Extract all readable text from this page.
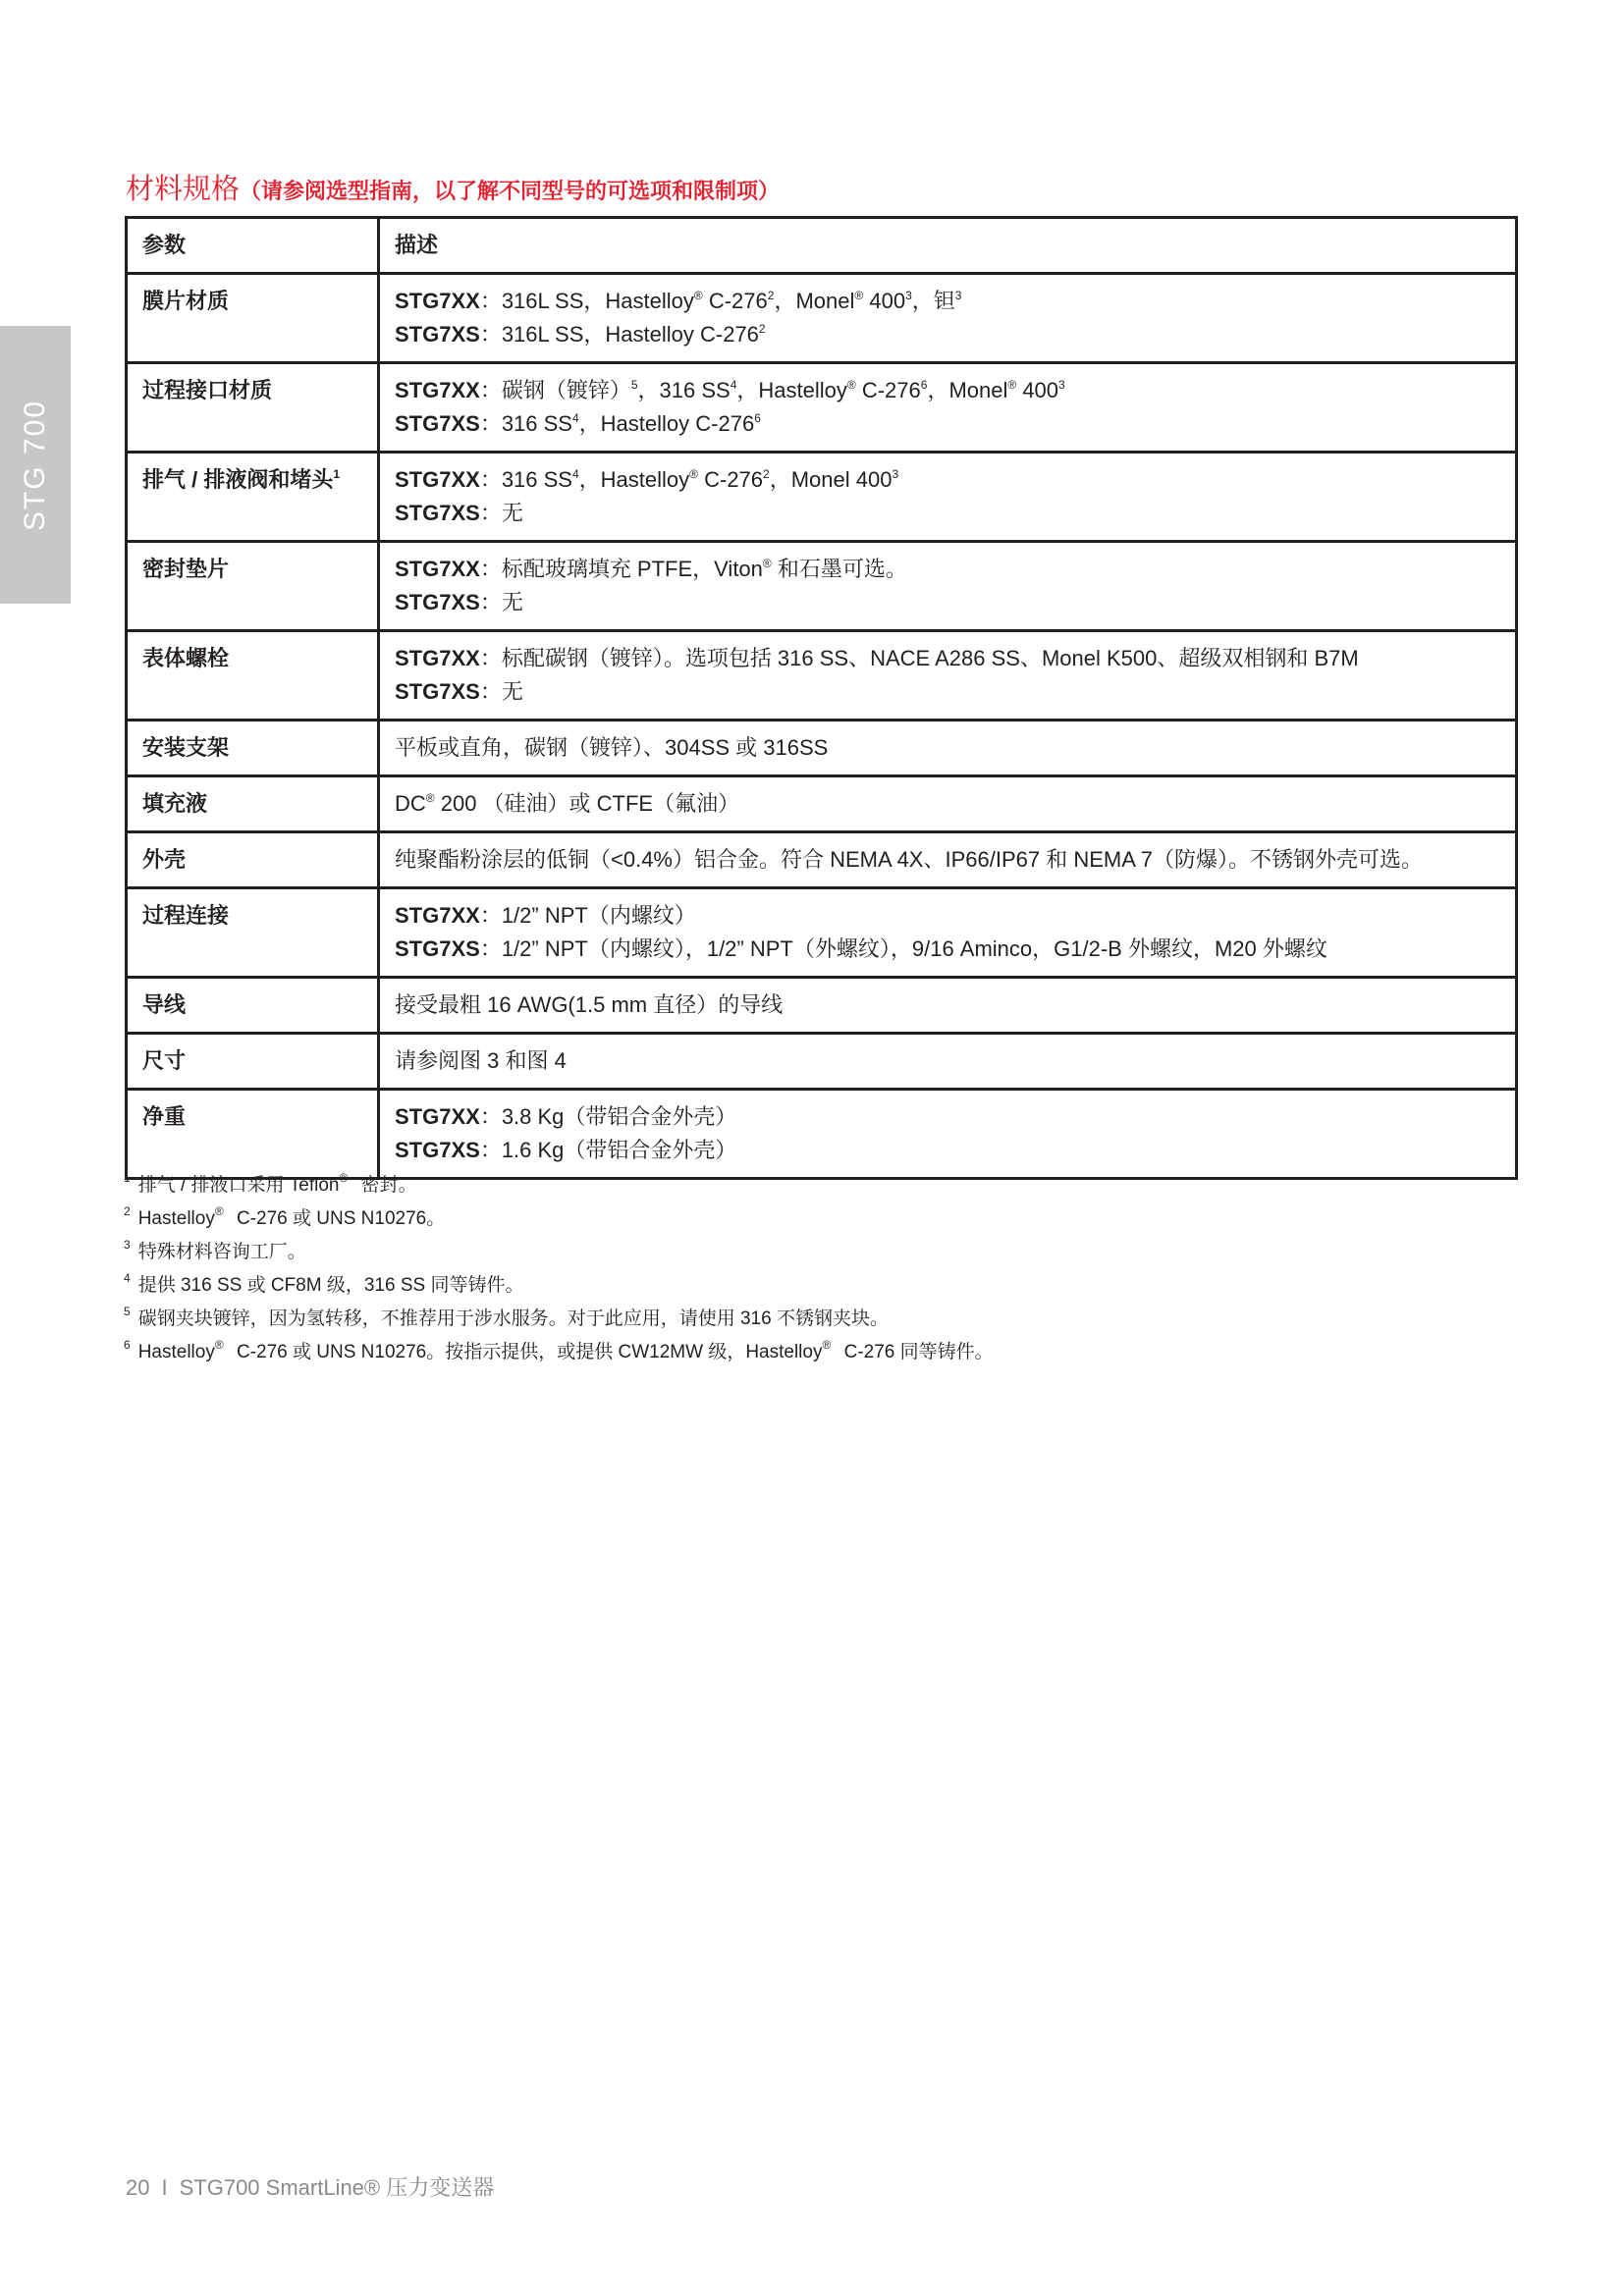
STG 700
材料规格（请参阅选型指南，以了解不同型号的可选项和限制项）
参数	描述
膜片材质	STG7XX：316L SS，Hastelloy® $C-276^2$，Monel® $400^3$，钽$^3$
STG7XS：316L SS，Hastelloy $C-276^2$

过程接口材质	STG7XX：碳钢（镀锌）$^5$，316 $SS^4$，Hastelloy® $C-276^6$，Monel® $400^3$
STG7XS：316 $SS^4$，Hastelloy $C-276^6$

排气 / 排液阀和堵头$^1$	STG7XX：316 $SS^4$，Hastelloy® $C-276^2$，Monel $400^3$
STG7XS：无

密封垫片	STG7XX：标配玻璃填充 PTFE，Viton® 和石墨可选。
STG7XS：无

表体螺栓	STG7XX：标配碳钢（镀锌）。选项包括 316 SS、NACE A286 SS、Monel K500、超级双相钢和 B7M
STG7XS：无

安装支架	平板或直角，碳钢（镀锌）、304SS 或 316SS

填充液	DC® 200 （硅油）或 CTFE（氟油）

外壳	纯聚酯粉涂层的低铜（<0.4%）铝合金。符合 NEMA 4X、IP66/IP67 和 NEMA 7（防爆）。不锈钢外壳可选。

过程连接	STG7XX：1/2” NPT（内螺纹）
STG7XS：1/2” NPT（内螺纹），1/2” NPT（外螺纹），9/16 Aminco，G1/2-B 外螺纹，M20 外螺纹

导线	接受最粗 16 AWG(1.5 mm 直径）的导线

尺寸	请参阅图 3 和图 4

净重	STG7XX：3.8 Kg（带铝合金外壳）
STG7XS：1.6 Kg（带铝合金外壳）
$^1$ 排气 / 排液口采用 Teflon® 密封。
$^2$ Hastelloy® C-276 或 UNS N10276。
$^3$ 特殊材料咨询工厂。
$^4$ 提供 316 SS 或 CF8M 级，316 SS 同等铸件。
$^5$ 碳钢夹块镀锌，因为氢转移，不推荐用于涉水服务。对于此应用，请使用 316 不锈钢夹块。
$^6$ Hastelloy® C-276 或 UNS N10276。按指示提供，或提供 CW12MW 级，Hastelloy® C-276 同等铸件。
20 I STG700 SmartLine® 压力变送器
